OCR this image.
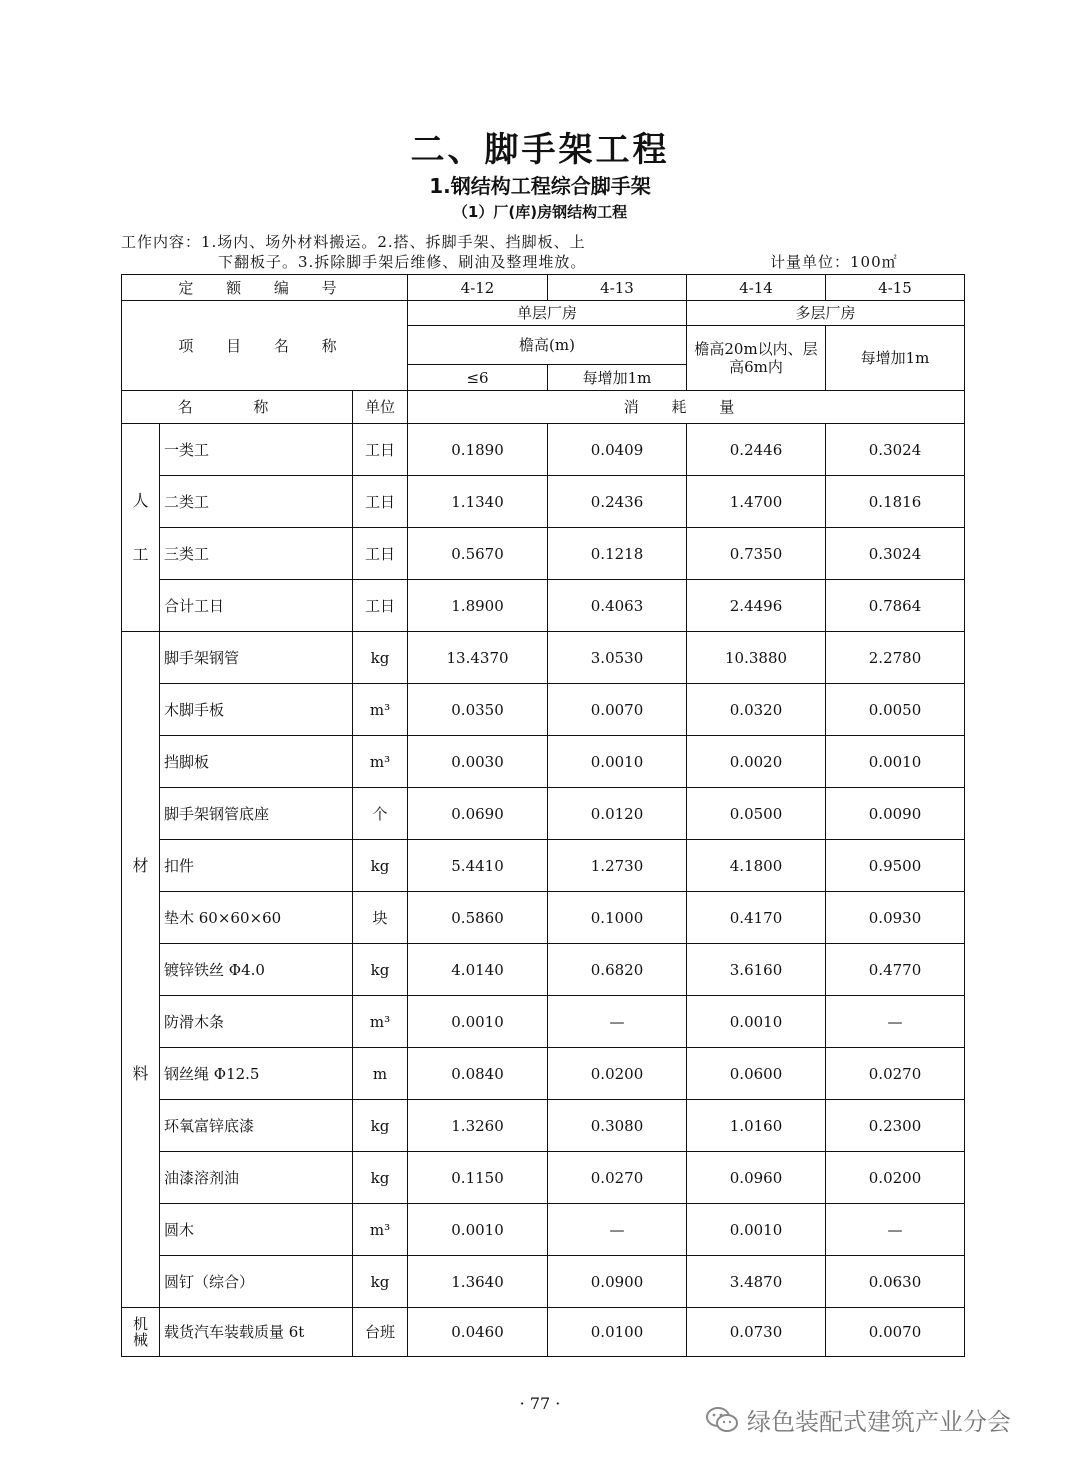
二、脚手架工程
1.钢结构工程综合脚手架
（1）厂(库)房钢结构工程
工作内容：1.场内、场外材料搬运。2.搭、拆脚手架、挡脚板、上
下翻板子。3.拆除脚手架后维修、刷油及整理堆放。	计量单位：100㎡
定 额 编 号			4-12	4-13	4-14	4-15
项 目 名 称			单层厂房		多层厂房	
			檐高(m)		檐高20m以内、层高6m内	每增加1m
			≤6	每增加1m		
名 称		单位	消 耗 量			

人
工	一类工	工日	0.1890	0.0409	0.2446	0.3024
	二类工	工日	1.1340	0.2436	1.4700	0.1816
	三类工	工日	0.5670	0.1218	0.7350	0.3024
	合计工日	工日	1.8900	0.4063	2.4496	0.7864

材
料	脚手架钢管	kg	13.4370	3.0530	10.3880	2.2780
	木脚手板	m³	0.0350	0.0070	0.0320	0.0050
	挡脚板	m³	0.0030	0.0010	0.0020	0.0010
	脚手架钢管底座	个	0.0690	0.0120	0.0500	0.0090
	扣件	kg	5.4410	1.2730	4.1800	0.9500
	垫木 60×60×60	块	0.5860	0.1000	0.4170	0.0930
	镀锌铁丝 Φ4.0	kg	4.0140	0.6820	3.6160	0.4770
	防滑木条	m³	0.0010	—	0.0010	—
	钢丝绳 Φ12.5	m	0.0840	0.0200	0.0600	0.0270
	环氧富锌底漆	kg	1.3260	0.3080	1.0160	0.2300
	油漆溶剂油	kg	0.1150	0.0270	0.0960	0.0200
	圆木	m³	0.0010	—	0.0010	—
	圆钉（综合）	kg	1.3640	0.0900	3.4870	0.0630
机械	载货汽车装载质量 6t	台班	0.0460	0.0100	0.0730	0.0070
· 77 ·
绿色装配式建筑产业分会
